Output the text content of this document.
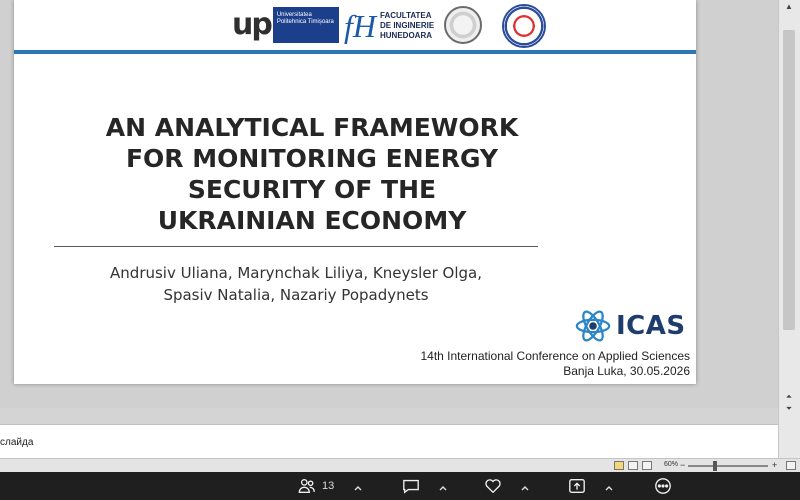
up	Universitatea Politehnica Timișoara fH FACULTATEA
DE INGINERIE
HUNEDOARA
AN ANALYTICAL FRAMEWORK
FOR MONITORING ENERGY
SECURITY OF THE
UKRAINIAN ECONOMY
Andrusiv Uliana, Marynchak Liliya, Kneysler Olga,
Spasiv Natalia, Nazariy Popadynets
ICAS
14th International Conference on Applied Sciences
Banja Luka, 30.05.2026
▲
⏶
⏷
слайда
60% −	+
13
